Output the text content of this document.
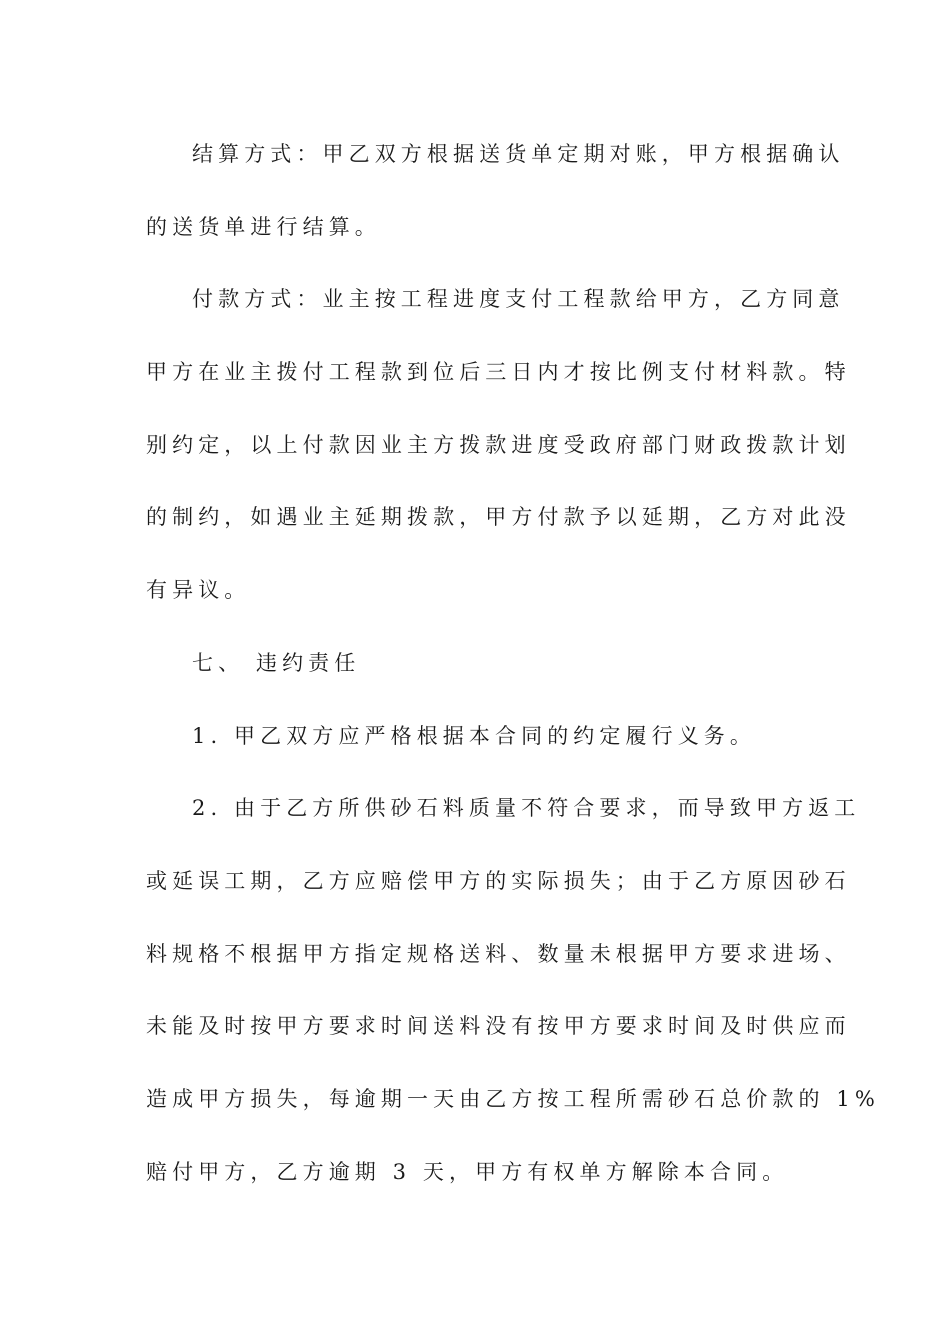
结算方式：甲乙双方根据送货单定期对账，甲方根据确认
的送货单进行结算。
付款方式：业主按工程进度支付工程款给甲方，乙方同意
甲方在业主拨付工程款到位后三日内才按比例支付材料款。特
别约定，以上付款因业主方拨款进度受政府部门财政拨款计划
的制约，如遇业主延期拨款，甲方付款予以延期，乙方对此没
有异议。
七、 违约责任
1. 甲乙双方应严格根据本合同的约定履行义务。
2. 由于乙方所供砂石料质量不符合要求，而导致甲方返工
或延误工期，乙方应赔偿甲方的实际损失；由于乙方原因砂石
料规格不根据甲方指定规格送料、数量未根据甲方要求进场、
未能及时按甲方要求时间送料没有按甲方要求时间及时供应而
造成甲方损失，每逾期一天由乙方按工程所需砂石总价款的 1%
赔付甲方，乙方逾期 3 天，甲方有权单方解除本合同。
